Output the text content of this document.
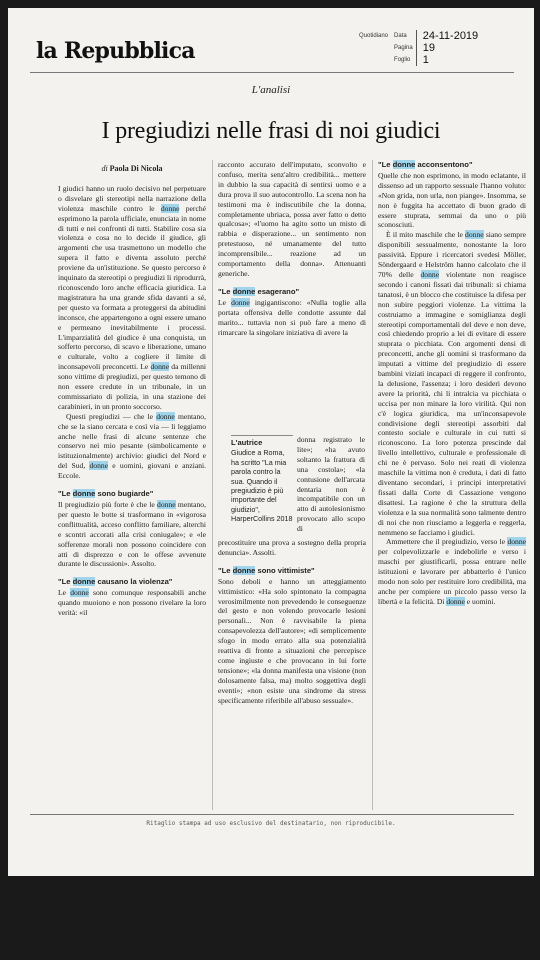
la Repubblica
Quotidiano	Data	24-11-2019
	Pagina	19
	Foglio	1
L'analisi
I pregiudizi nelle frasi di noi giudici
di Paola Di Nicola

I giudici hanno un ruolo decisivo nel perpetuare o disvelare gli stereotipi nella narrazione della violenza maschile contro le donne perché esprimono la parola ufficiale, enunciata in nome di tutti e nei confronti di tutti. Stabilire cosa sia violenza e cosa no lo decide il giudice, gli argomenti che usa trasmettono un modello che supera il fatto e diventa assoluto perché proviene da un'istituzione. Se questo percorso è inquinato da stereotipi o pregiudizi li riprodurrà, riconoscendo loro anche efficacia giuridica. La magistratura ha una grande sfida davanti a sé, per questo va formata a proteggersi da abitudini inconsce, che appartengono a ogni essere umano e permeano inevitabilmente i processi. L'imparzialità del giudice è una conquista, un sofferto percorso, di scavo e liberazione, umano e culturale, volto a cogliere il limite di inconsapevoli preconcetti. Le donne da millenni sono vittime di pregiudizi, per questo temono di non essere credute in un tribunale, in un commissariato di polizia, in una stazione dei carabinieri, in un pronto soccorso.

Questi pregiudizi — che le donne mentano, che se la siano cercata e così via — li leggiamo anche nelle frasi di alcune sentenze che conservo nei mio pesante (simbolicamente e istituzionalmente) archivio: giudici del Nord e del Sud, donne e uomini, giovani e anziani. Eccole.

"Le donne sono bugiarde"

Il pregiudizio più forte è che le donne mentano, per questo le botte si trasformano in «vigorosa conflittualità, acceso conflitto familiare, alterchi e scontri accorati alla crisi coniugale»; e «le sofferenze morali non possono coincidere con atti di disprezzo e con le offese avvenute durante le discussioni». Assolto.

"Le donne causano la violenza"

Le donne sono comunque responsabili anche quando muoiono e non possono rivelare la loro verità: «il

racconto accurato dell'imputato, sconvolto e confuso, merita senz'altro credibilità... mettere in dubbio la sua capacità di sentirsi uomo e a dura prova il suo autocontrollo. La scena non ha testimoni ma è indiscutibile che la donna, completamente ubriaca, possa aver fatto o detto qualcosa»; «l'uomo ha agito sotto un misto di rabbia e disperazione... un sentimento non pretestuoso, né umanamente del tutto incomprensibile... reazione ad un comportamento della donna». Attenuanti generiche.

"Le donne esagerano"

Le donne ingigantiscono: «Nulla toglie alla portata offensiva delle condotte assunte dal marito... tuttavia non si può fare a meno di rimarcare la singolare iniziativa di avere la

L'autrice
Giudice a Roma, ha scritto "La mia parola contro la sua. Quando il pregiudizio è più importante del giudizio", HarperCollins 2018
donna registrato le lite»; «ha avuto soltanto la frattura di una costola»; «la contusione dell'arcata dentaria non è incompatibile con un atto di autolesionismo provocato allo scopo di

precostituire una prova a sostegno della propria denuncia». Assolti.

"Le donne sono vittimiste"

Sono deboli e hanno un atteggiamento vittimistico: «Ha solo spintonato la compagna verosimilmente non prevedendo le conseguenze del gesto e non volendo provocarle lesioni personali... Non è ravvisabile la piena consapevolezza dell'autore»; «di semplicemente sfogo in modo errato alla sua potenzialità reattiva di fronte a situazioni che percepisce come ingiuste e che provocano in lui forte tensione»; «la donna manifesta una visione (non dolosamente falsa, ma) molto soggettiva degli eventi»; «non esiste una sindrome da stress specificamente riferibile all'abuso sessuale».

"Le donne acconsentono"

Quelle che non esprimono, in modo eclatante, il dissenso ad un rapporto sessuale l'hanno voluto: «Non grida, non urla, non piange». Insomma, se non è fuggita ha accettato di buon grado di essere stuprata, semmai da uno o più sconosciuti.

È il mito maschile che le donne siano sempre disponibili sessualmente, nonostante la loro passività. Eppure i ricercatori svedesi Möller, Söndergaard e Helström hanno calcolato che il 70% delle donne violentate non reagisce secondo i canoni fissati dai tribunali: si chiama tanatosi, è un blocco che costituisce la difesa per non subire peggiori violenze. La vittima la costruiamo a immagine e somiglianza degli stereotipi comportamentali del deve e non deve, così chiedendo proprio a lei di evitare di essere stuprata o picchiata. Con argomenti densi di preconcetti, anche gli uomini si trasformano da imputati a vittime del pregiudizio di essere bambini viziati incapaci di reggere il confronto, la delusione, l'assenza; i loro desideri devono avere la priorità, chi li intralcia va picchiata o uccisa per non minare la loro virilità. Qui non c'è logica giuridica, ma un'inconsapevole condivisione degli stereotipi assorbiti dal contesto sociale e culturale in cui tutti si riconoscono. La loro potenza prescinde dal livello intellettivo, culturale e professionale di chi ne è pervaso. Solo nei reati di violenza maschile la vittima non è creduta, i dati di fatto diventano secondari, i principi interpretativi fissati dalla Corte di Cassazione vengono disattesi. La ragione è che la struttura della violenza e la sua normalità sono talmente dentro di noi che non riusciamo a leggerla e reggerla, nemmeno se facciamo i giudici.

Ammettere che il pregiudizio, verso le donne per colpevolizzarle e indebolirle e verso i maschi per giustificarli, possa entrare nelle istituzioni e lavorare per abbatterlo è l'unico modo non solo per restituire loro credibilità, ma anche per compiere un piccolo passo verso la libertà e la felicità. Di donne e uomini.

Ritaglio stampa ad uso esclusivo del destinatario, non riproducibile.
